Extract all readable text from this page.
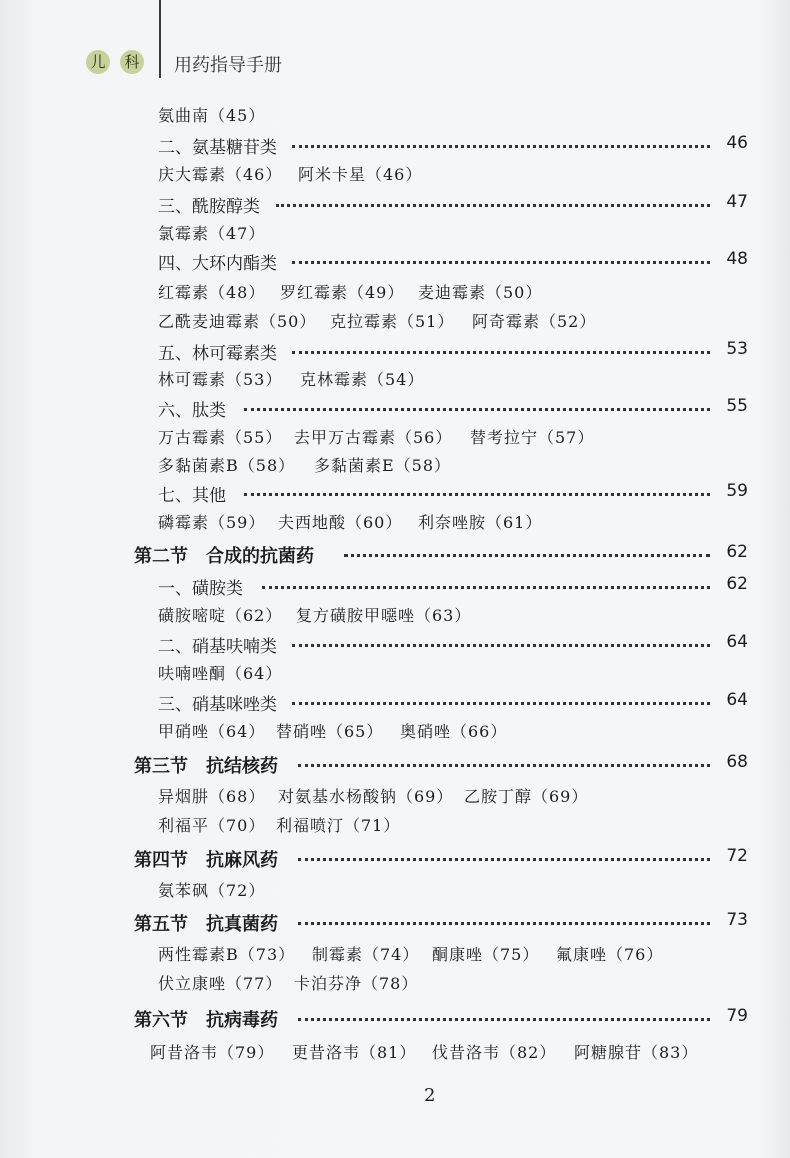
儿	科 用药指导手册
氨曲南（45）
二、氨基糖苷类	46
庆大霉素（46） 阿米卡星（46）
三、酰胺醇类	47
氯霉素（47）
四、大环内酯类	48
红霉素（48） 罗红霉素（49） 麦迪霉素（50）
乙酰麦迪霉素（50） 克拉霉素（51） 阿奇霉素（52）
五、林可霉素类	53
林可霉素（53） 克林霉素（54）
六、肽类	55
万古霉素（55） 去甲万古霉素（56） 替考拉宁（57）
多黏菌素B（58） 多黏菌素E（58）
七、其他	59
磷霉素（59） 夫西地酸（60） 利奈唑胺（61）
第二节　合成的抗菌药	62
一、磺胺类	62
磺胺嘧啶（62） 复方磺胺甲噁唑（63）
二、硝基呋喃类	64
呋喃唑酮（64）
三、硝基咪唑类	64
甲硝唑（64） 替硝唑（65） 奥硝唑（66）
第三节　抗结核药	68
异烟肼（68） 对氨基水杨酸钠（69） 乙胺丁醇（69）
利福平（70） 利福喷汀（71）
第四节　抗麻风药	72
氨苯砜（72）
第五节　抗真菌药	73
两性霉素B（73） 制霉素（74） 酮康唑（75） 氟康唑（76）
伏立康唑（77） 卡泊芬净（78）
第六节　抗病毒药	79
阿昔洛韦（79） 更昔洛韦（81） 伐昔洛韦（82） 阿糖腺苷（83）
2
